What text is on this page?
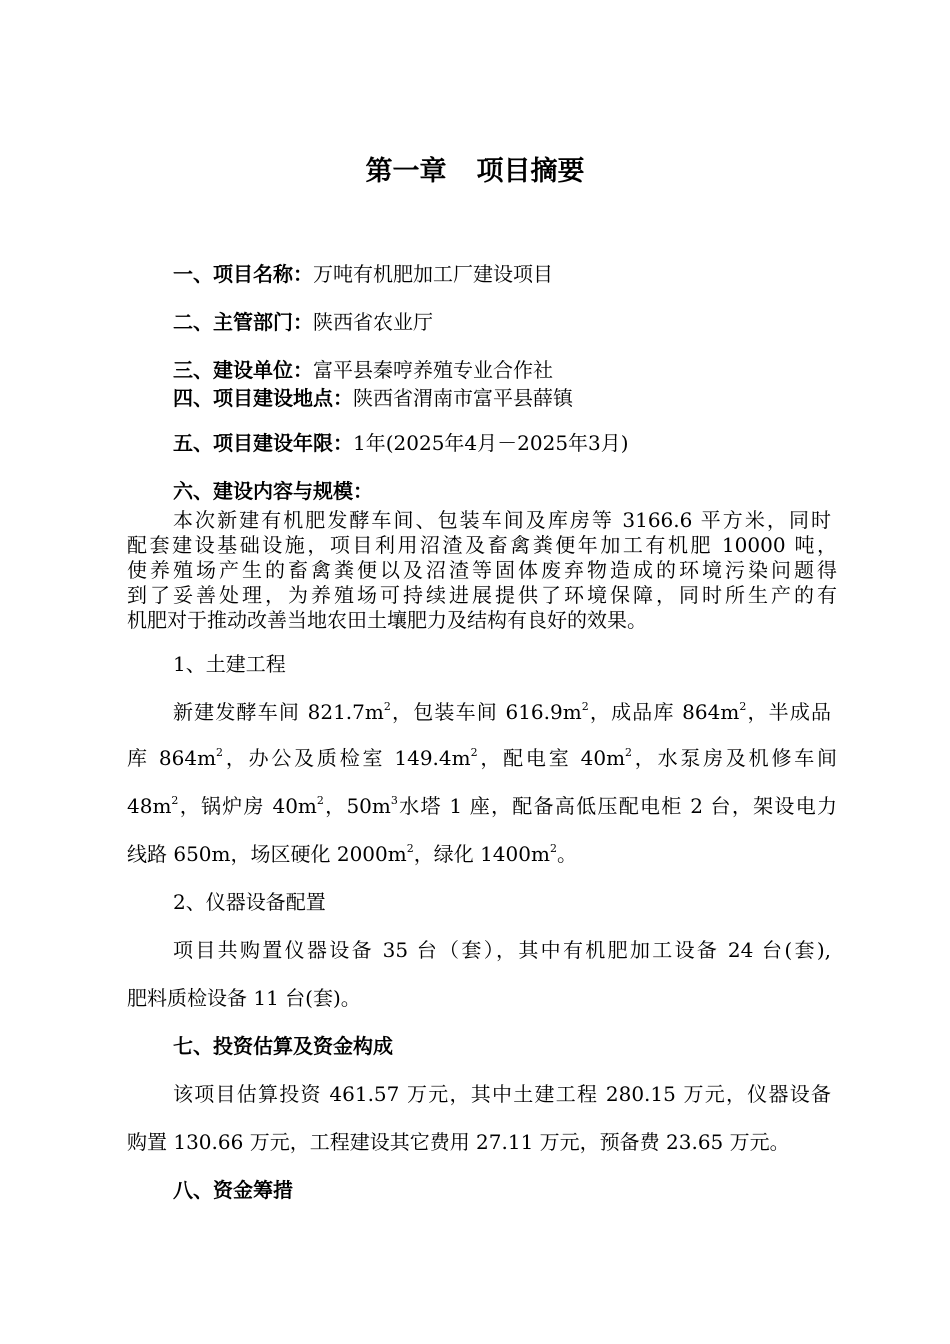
第一章 项目摘要
一、项目名称：万吨有机肥加工厂建设项目
二、主管部门：陕西省农业厅
三、建设单位：富平县秦哼养殖专业合作社
四、项目建设地点：陕西省渭南市富平县薛镇
五、项目建设年限：1年(2025年4月－2025年3月)
六、建设内容与规模：
本次新建有机肥发酵车间、包装车间及库房等 3166.6 平方米，同时
配套建设基础设施，项目利用沼渣及畜禽粪便年加工有机肥 10000 吨，
使养殖场产生的畜禽粪便以及沼渣等固体废弃物造成的环境污染问题得
到了妥善处理，为养殖场可持续进展提供了环境保障，同时所生产的有
机肥对于推动改善当地农田土壤肥力及结构有良好的效果。
1、土建工程
新建发酵车间 $821.7m^2$，包装车间 $616.9m^2$，成品库 $864m^2$，半成品
库 $864m^2$，办公及质检室 $149.4m^2$，配电室 $40m^2$，水泵房及机修车间
$48m^2$，锅炉房 $40m^2$，$50m^3$水塔 1 座，配备高低压配电柜 2 台，架设电力
线路 650m，场区硬化 $2000m^2$，绿化 $1400m^2$。
2、仪器设备配置
项目共购置仪器设备 35 台（套），其中有机肥加工设备 24 台(套),
肥料质检设备 11 台(套)。
七、投资估算及资金构成
该项目估算投资 461.57 万元，其中土建工程 280.15 万元，仪器设备
购置 130.66 万元，工程建设其它费用 27.11 万元，预备费 23.65 万元。
八、资金筹措
